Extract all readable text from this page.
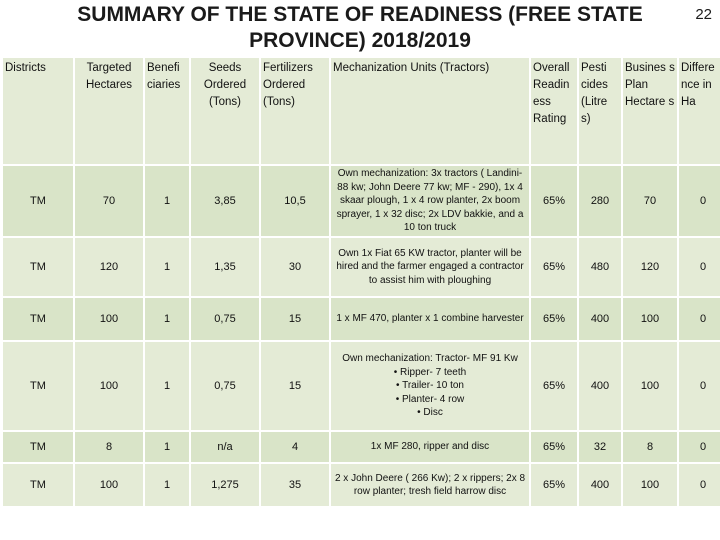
SUMMARY OF THE STATE OF READINESS (FREE STATE
PROVINCE) 2018/2019
22
Districts	Targeted Hectares	Benefi ciaries	Seeds Ordered (Tons)	Fertilizers Ordered (Tons)	Mechanization Units (Tractors)	Overall Readin ess Rating	Pesti cides (Litre s)	Busines s Plan Hectare s	Differe nce in Ha
TM	70	1	3,85	10,5	Own mechanization: 3x tractors ( Landini- 88 kw; John Deere 77 kw; MF - 290), 1x 4 skaar plough, 1 x 4 row planter, 2x boom sprayer, 1 x 32 disc; 2x LDV bakkie, and a 10 ton truck	65%	280	70	0
TM	120	1	1,35	30	Own 1x Fiat 65 KW tractor, planter will be hired and the farmer engaged a contractor to assist him with ploughing	65%	480	120	0
TM	100	1	0,75	15	1 x MF 470, planter x 1 combine harvester	65%	400	100	0
TM	100	1	0,75	15	Own mechanization: Tractor- MF 91 Kw
• Ripper- 7 teeth
• Trailer- 10 ton
• Planter- 4 row
• Disc	65%	400	100	0
TM	8	1	n/a	4	1x MF 280, ripper and disc	65%	32	8	0
TM	100	1	1,275	35	2 x John Deere ( 266 Kw); 2 x rippers; 2x 8 row planter; tresh field harrow disc	65%	400	100	0
